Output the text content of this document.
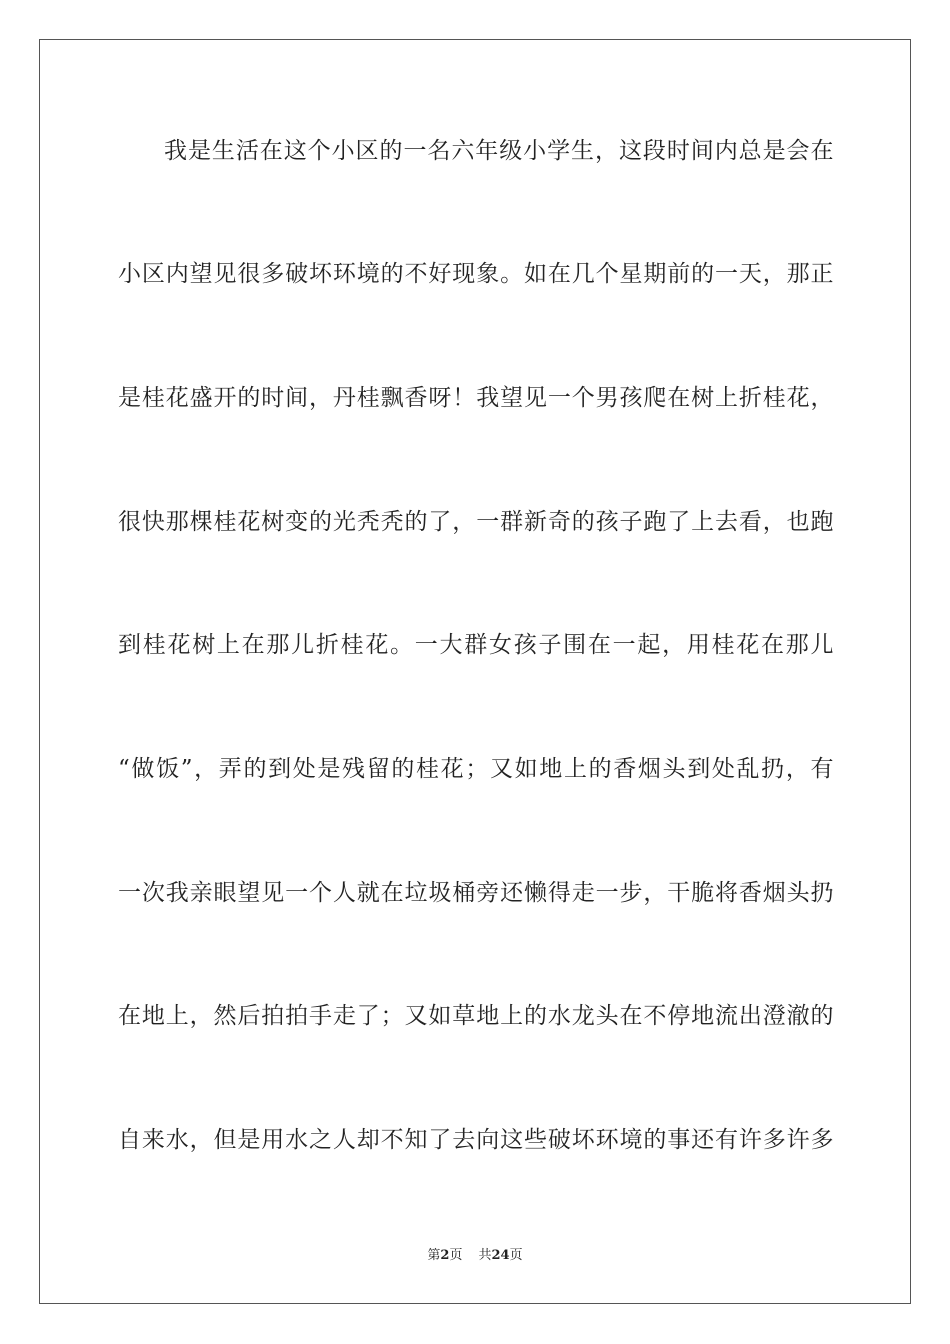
我是生活在这个小区的一名六年级小学生，这段时间内总是会在
小区内望见很多破坏环境的不好现象。如在几个星期前的一天，那正
是桂花盛开的时间，丹桂飘香呀！我望见一个男孩爬在树上折桂花，
很快那棵桂花树变的光秃秃的了，一群新奇的孩子跑了上去看，也跑
到桂花树上在那儿折桂花。一大群女孩子围在一起，用桂花在那儿
“做饭”，弄的到处是残留的桂花；又如地上的香烟头到处乱扔，有
一次我亲眼望见一个人就在垃圾桶旁还懒得走一步，干脆将香烟头扔
在地上，然后拍拍手走了；又如草地上的水龙头在不停地流出澄澈的
自来水，但是用水之人却不知了去向这些破坏环境的事还有许多许多
第2页 共24页
